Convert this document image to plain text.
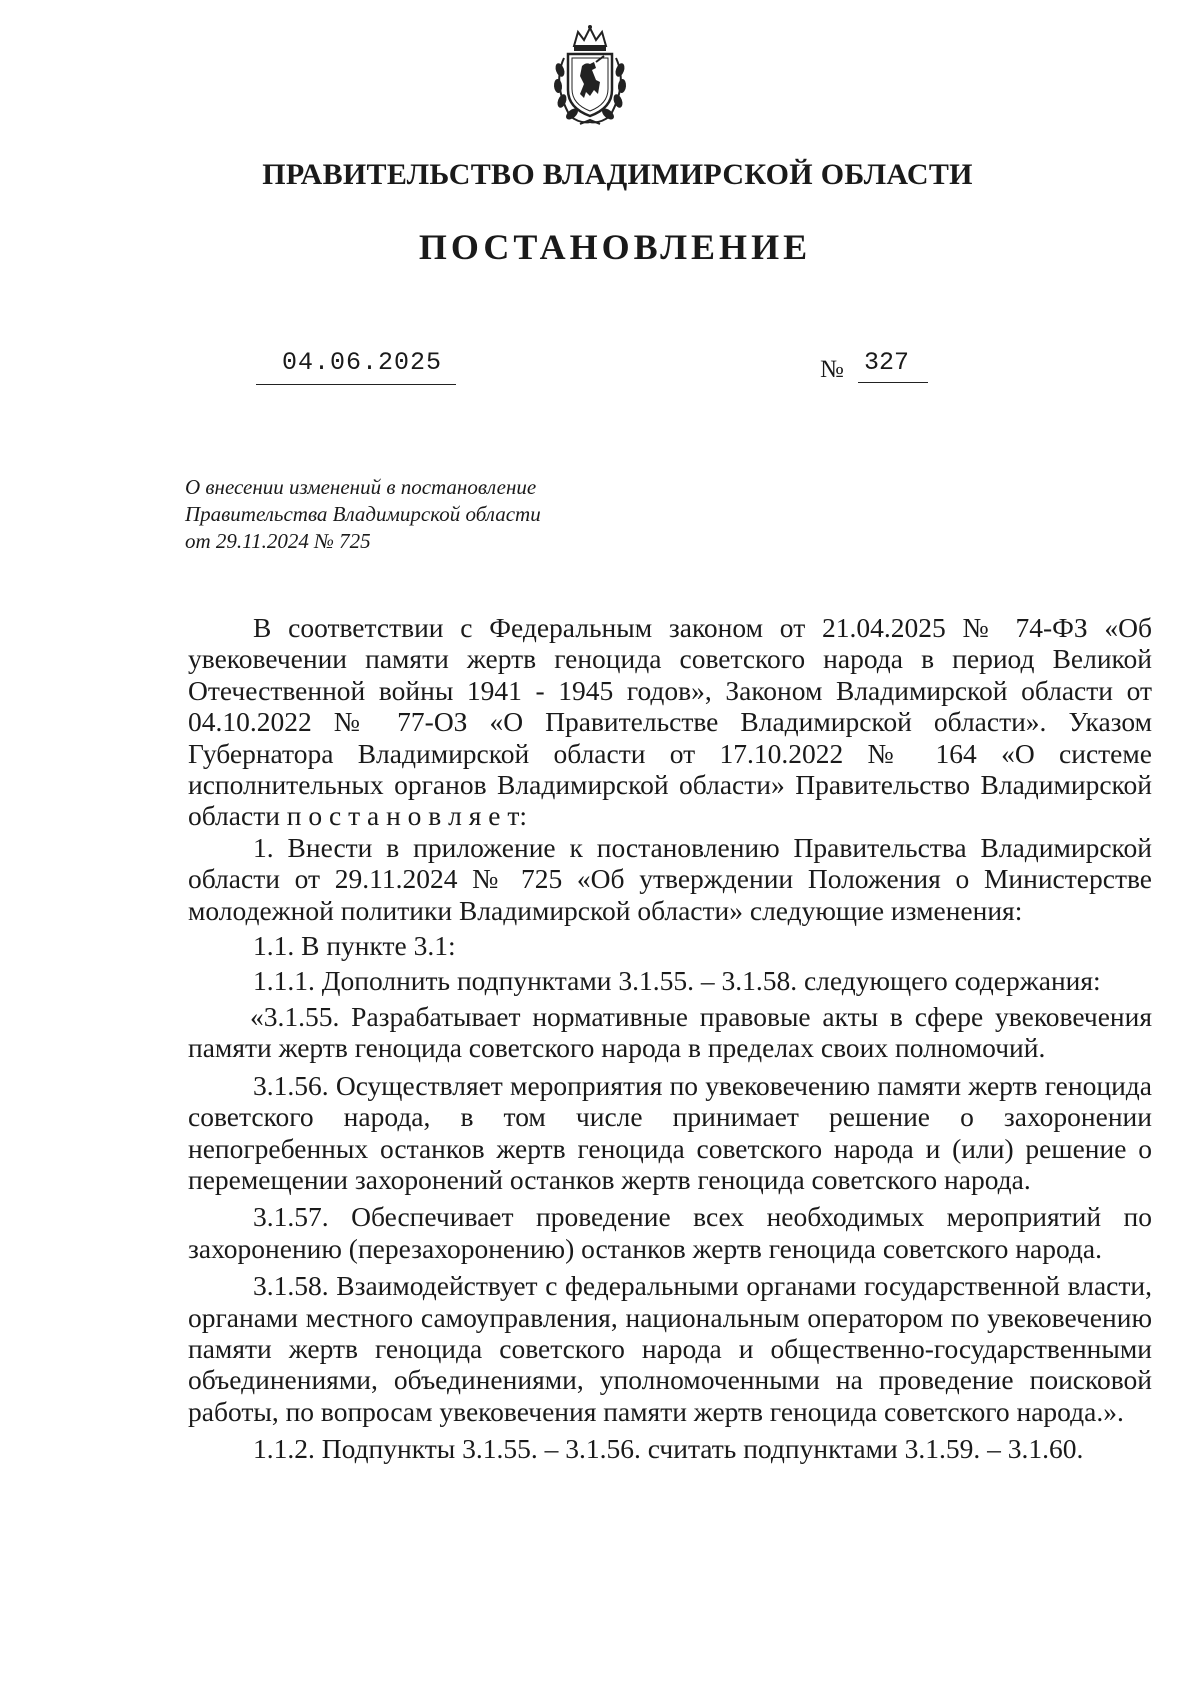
ПРАВИТЕЛЬСТВО ВЛАДИМИРСКОЙ ОБЛАСТИ
ПОСТАНОВЛЕНИЕ
04.06.2025	№ 327
О внесении изменений в постановление
Правительства Владимирской области
от 29.11.2024 № 725

В соответствии с Федеральным законом от 21.04.2025 № 74-ФЗ «Об увековечении памяти жертв геноцида советского народа в период Великой Отечественной войны 1941 - 1945 годов», Законом Владимирской области от 04.10.2022 № 77-ОЗ «О Правительстве Владимирской области». Указом Губернатора Владимирской области от 17.10.2022 № 164 «О системе исполнительных органов Владимирской области» Правительство Владимирской области п о с т а н о в л я е т:

1. Внести в приложение к постановлению Правительства Владимирской области от 29.11.2024 № 725 «Об утверждении Положения о Министерстве молодежной политики Владимирской области» следующие изменения:

1.1. В пункте 3.1:

1.1.1. Дополнить подпунктами 3.1.55. – 3.1.58. следующего содержания:

«3.1.55. Разрабатывает нормативные правовые акты в сфере увековечения памяти жертв геноцида советского народа в пределах своих полномочий.

3.1.56. Осуществляет мероприятия по увековечению памяти жертв геноцида советского народа, в том числе принимает решение о захоронении непогребенных останков жертв геноцида советского народа и (или) решение о перемещении захоронений останков жертв геноцида советского народа.

3.1.57. Обеспечивает проведение всех необходимых мероприятий по захоронению (перезахоронению) останков жертв геноцида советского народа.

3.1.58. Взаимодействует с федеральными органами государственной власти, органами местного самоуправления, национальным оператором по увековечению памяти жертв геноцида советского народа и общественно-государственными объединениями, объединениями, уполномоченными на проведение поисковой работы, по вопросам увековечения памяти жертв геноцида советского народа.».

1.1.2. Подпункты 3.1.55. – 3.1.56. считать подпунктами 3.1.59. – 3.1.60.
